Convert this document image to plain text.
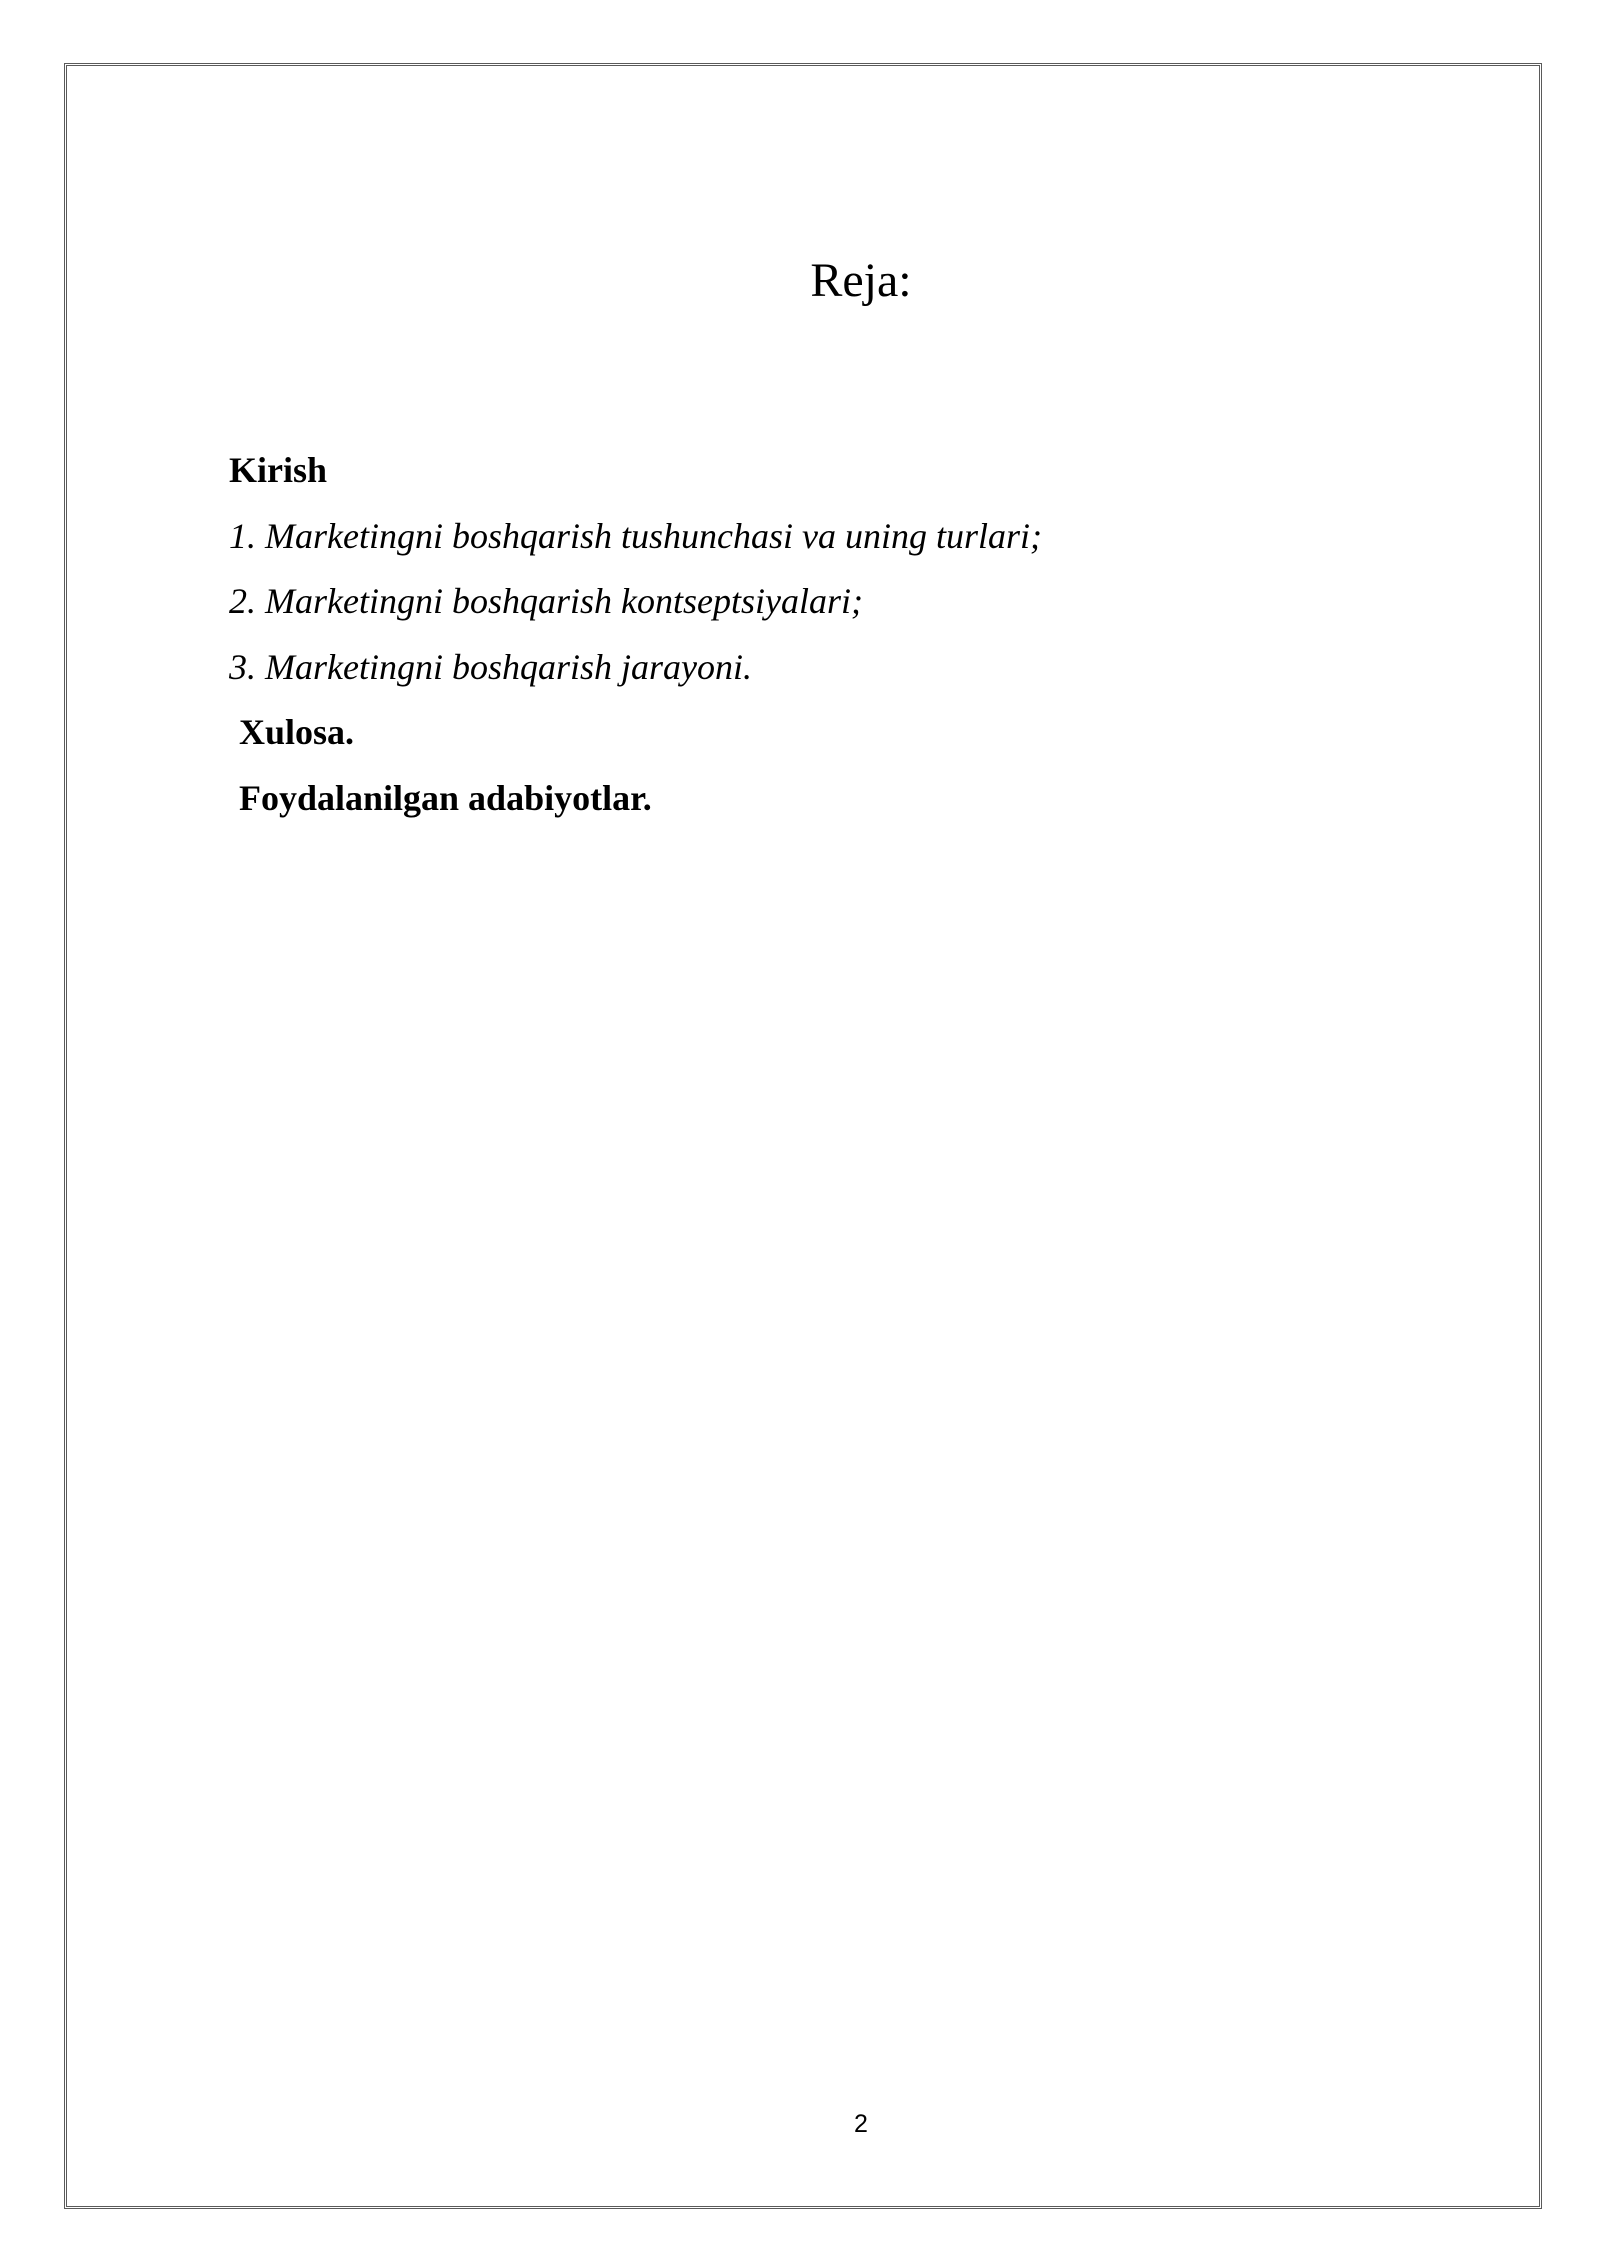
Reja:
Kirish
1. Marketingni boshqarish tushunchasi va uning turlari;
2. Marketingni boshqarish kontseptsiyalari;
3. Marketingni boshqarish jarayoni.
Xulosa.
Foydalanilgan adabiyotlar.
2
